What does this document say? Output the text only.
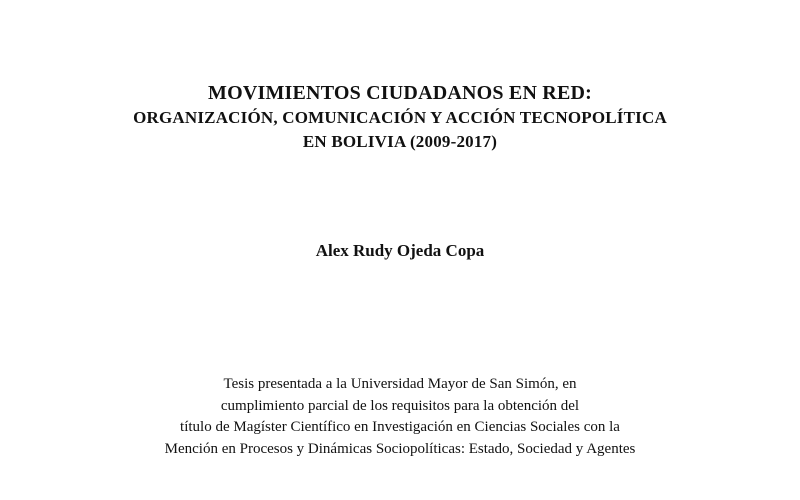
MOVIMIENTOS CIUDADANOS EN RED:
ORGANIZACIÓN, COMUNICACIÓN Y ACCIÓN TECNOPOLÍTICA
EN BOLIVIA (2009-2017)
Alex Rudy Ojeda Copa
Tesis presentada a la Universidad Mayor de San Simón, en
cumplimiento parcial de los requisitos para la obtención del
título de Magíster Científico en Investigación en Ciencias Sociales con la
Mención en Procesos y Dinámicas Sociopolíticas: Estado, Sociedad y Agentes
